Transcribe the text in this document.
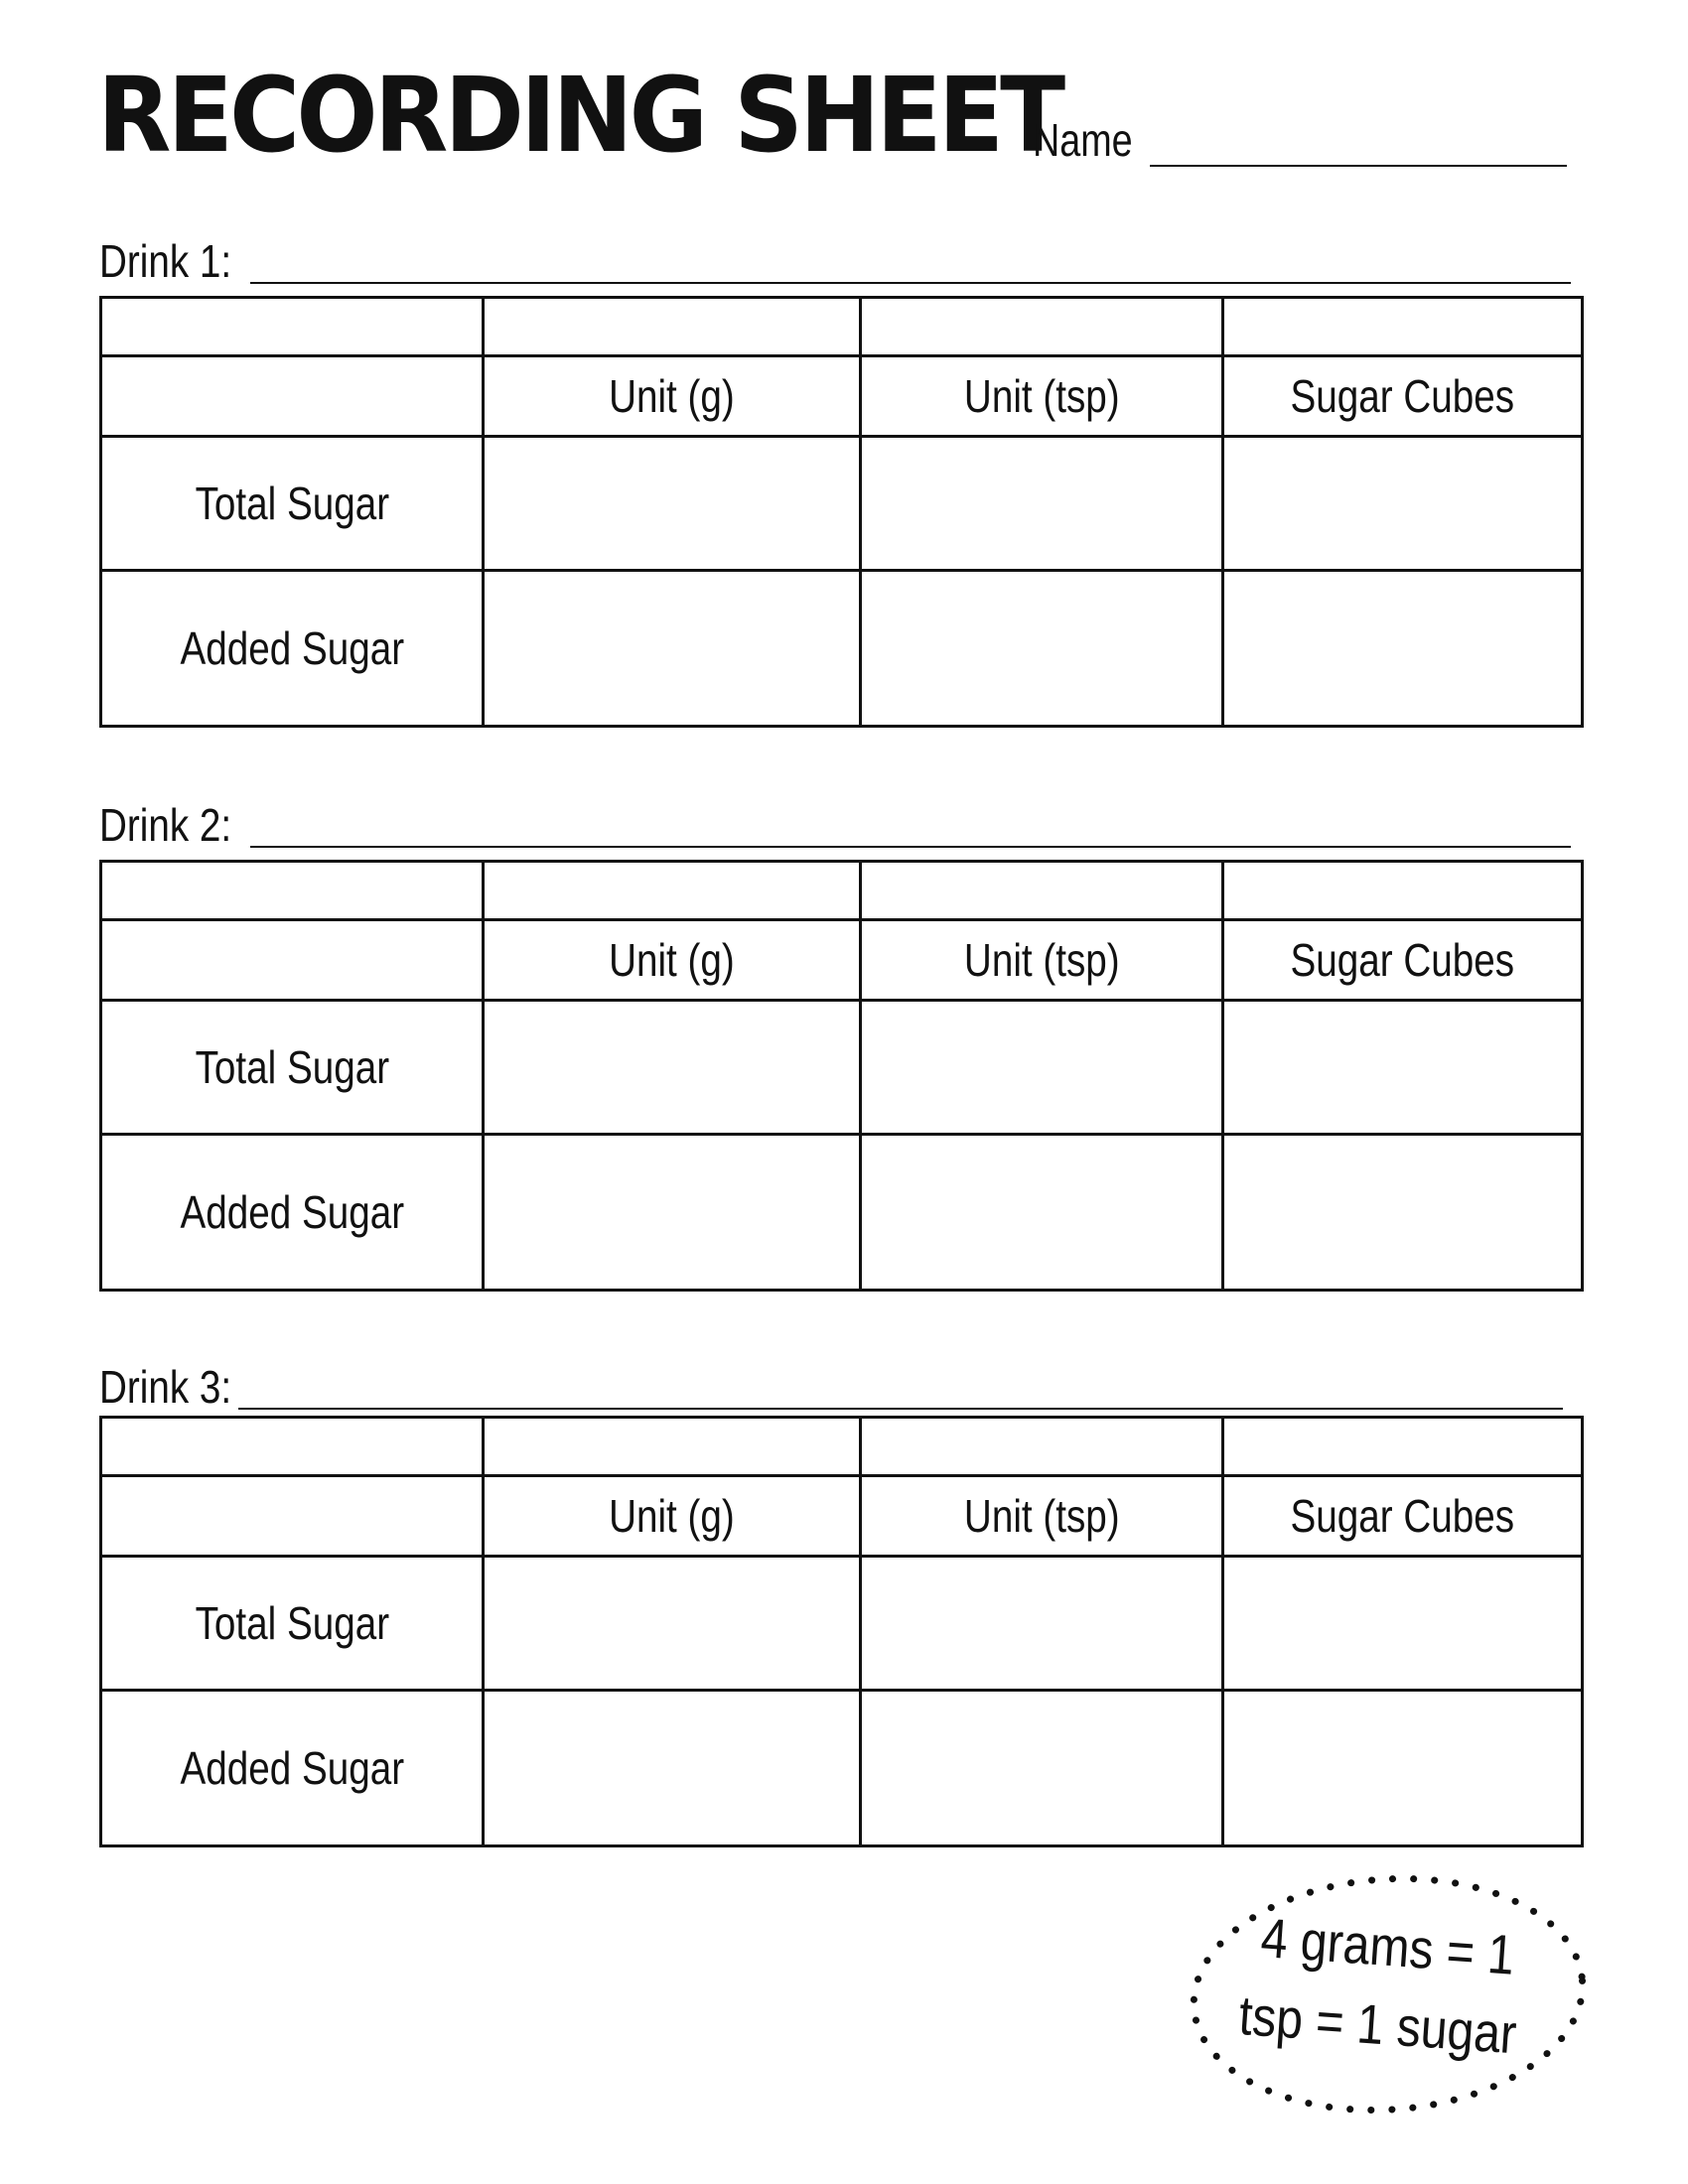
RECORDING SHEET
Name
Drink 1:

	Unit (g)	Unit (tsp)	Sugar Cubes
Total Sugar			
Added Sugar			
Drink 2:

	Unit (g)	Unit (tsp)	Sugar Cubes
Total Sugar			
Added Sugar			
Drink 3:

	Unit (g)	Unit (tsp)	Sugar Cubes
Total Sugar			
Added Sugar			
4 grams = 1
tsp = 1 sugar
